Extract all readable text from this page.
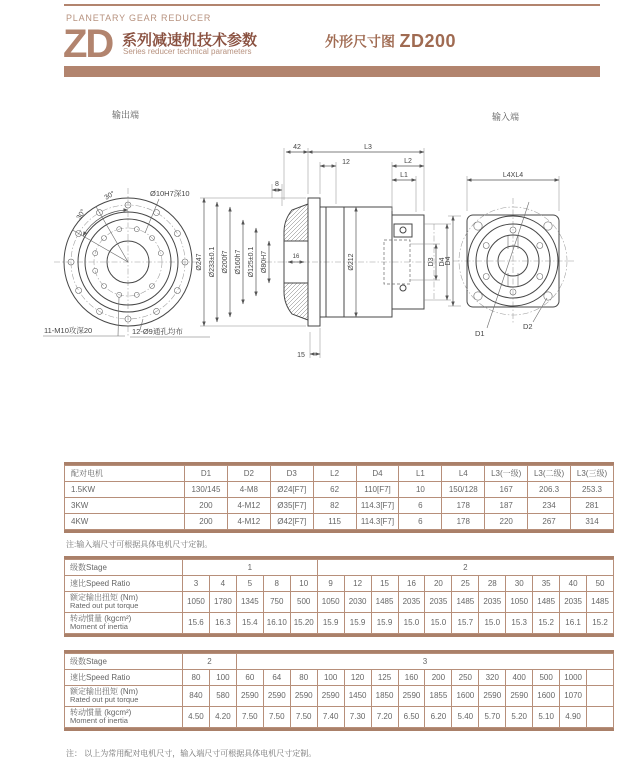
PLANETARY GEAR REDUCER
ZD 系列减速机技术参数
Series reducer technical parameters
外形尺寸图 ZD200
输出端	输入端
30°
30°
Ø10H7深10
11-M10攻深20	12-Ø9通孔均布
16
42	L3
12	L2
L1
8
Ø247 Ø233±0.1 Ø200f7 Ø160h7 Ø125±0.1 Ø80H7	Ø212	D3 D4
15
L4XL4
D4
D1
D2
配对电机	D1	D2	D3	L2	D4	L1	L4	L3(一级)	L3(二级)	L3(三级)
1.5KW	130/145	4-M8	Ø24[F7]	62	110[F7]	10	150/128	167	206.3	253.3
3KW	200	4-M12	Ø35[F7]	82	114.3[F7]	6	178	187	234	281
4KW	200	4-M12	Ø42[F7]	115	114.3[F7]	6	178	220	267	314
注:输入端尺寸可根据具体电机尺寸定制。
级数Stage	1					2										
速比Speed Ratio	3	4	5	8	10	9	12	15	16	20	25	28	30	35	40	50

额定输出扭矩 (Nm)
Rated out put torque	1050	1780	1345	750	500	1050	2030	1485	2035	2035	1485	2035	1050	1485	2035	1485

转动惯量 (kgcm²)
Moment of inertia	15.6	16.3	15.4	16.10	15.20	15.9	15.9	15.9	15.0	15.0	15.7	15.0	15.3	15.2	16.1	15.2
级数Stage	2		3													
速比Speed Ratio	80	100	60	64	80	100	120	125	160	200	250	320	400	500	1000	

额定输出扭矩 (Nm)
Rated out put torque	840	580	2590	2590	2590	2590	1450	1850	2590	1855	1600	2590	2590	1600	1070	

转动惯量 (kgcm²)
Moment of inertia	4.50	4.20	7.50	7.50	7.50	7.40	7.30	7.20	6.50	6.20	5.40	5.70	5.20	5.10	4.90	
注： 以上为常用配对电机尺寸，输入端尺寸可根据具体电机尺寸定制。
